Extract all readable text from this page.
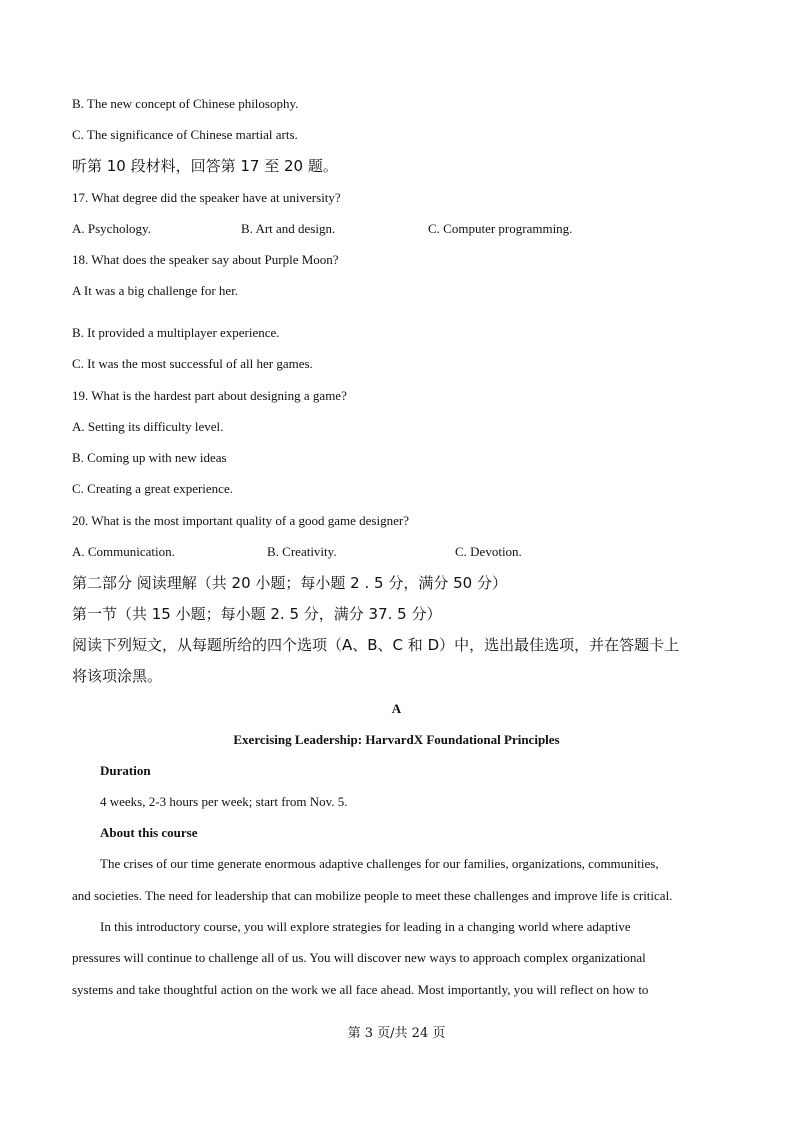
B. The new concept of Chinese philosophy.
C. The significance of Chinese martial arts.
听第 10 段材料，回答第 17 至 20 题。
17. What degree did the speaker have at university?
A. Psychology.	B. Art and design.	C. Computer programming.
18. What does the speaker say about Purple Moon?
A It was a big challenge for her.
B. It provided a multiplayer experience.
C. It was the most successful of all her games.
19. What is the hardest part about designing a game?
A. Setting its difficulty level.
B. Coming up with new ideas
C. Creating a great experience.
20. What is the most important quality of a good game designer?
A. Communication.	B. Creativity.	C. Devotion.
第二部分 阅读理解（共 20 小题；每小题 2 . 5 分，满分 50 分）
第一节（共 15 小题；每小题 2. 5 分，满分 37. 5 分）
阅读下列短文，从每题所给的四个选项（A、B、C 和 D）中，选出最佳选项，并在答题卡上
将该项涂黑。
A
Exercising Leadership: HarvardX Foundational Principles
Duration
4 weeks, 2-3 hours per week; start from Nov. 5.
About this course
The crises of our time generate enormous adaptive challenges for our families, organizations, communities,
and societies. The need for leadership that can mobilize people to meet these challenges and improve life is critical.
In this introductory course, you will explore strategies for leading in a changing world where adaptive
pressures will continue to challenge all of us. You will discover new ways to approach complex organizational
systems and take thoughtful action on the work we all face ahead. Most importantly, you will reflect on how to
第 3 页/共 24 页
